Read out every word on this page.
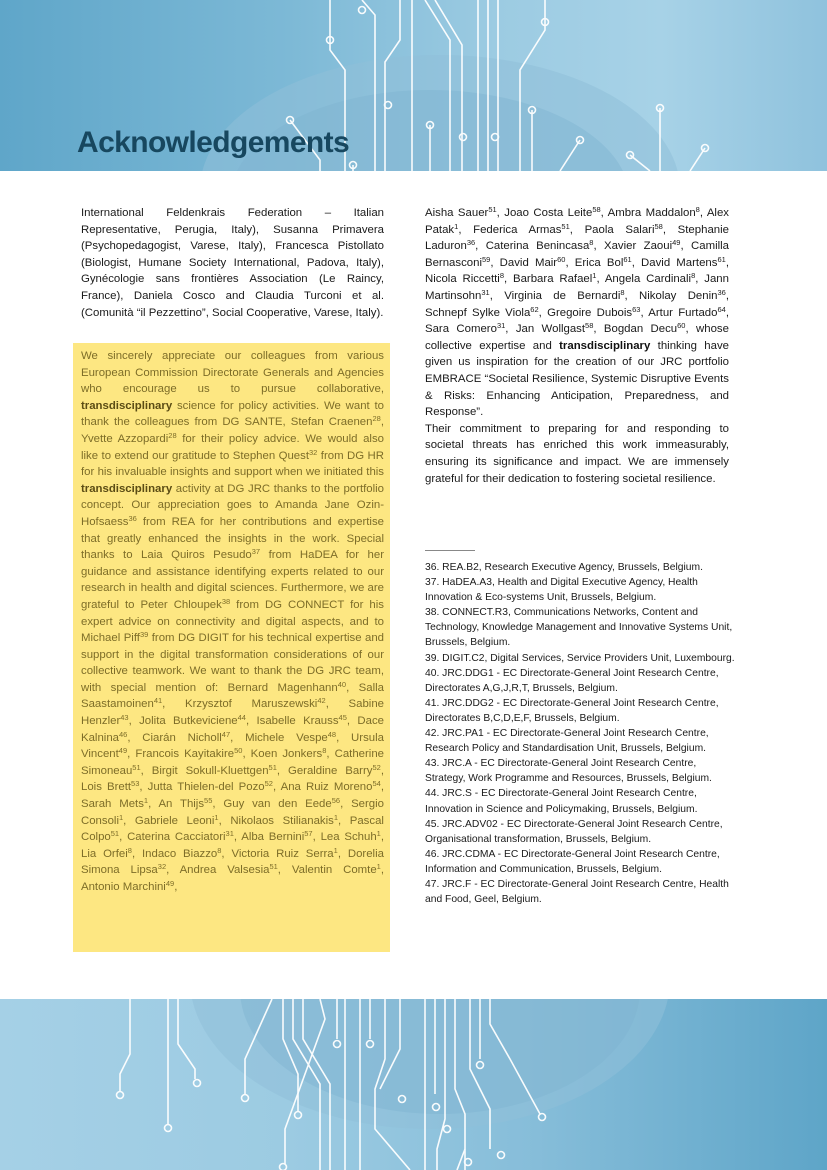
Acknowledgements

International Feldenkrais Federation – Italian Representative, Perugia, Italy), Susanna Primavera (Psychopedagogist, Varese, Italy), Francesca Pistollato (Biologist, Humane Society International, Padova, Italy), Gynécologie sans frontières Association (Le Raincy, France), Daniela Cosco and Claudia Turconi et al. (Comunità “il Pezzettino”, Social Cooperative, Varese, Italy).

We sincerely appreciate our colleagues from various European Commission Directorate Generals and Agencies who encourage us to pursue collaborative, transdisciplinary science for policy activities. We want to thank the colleagues from DG SANTE, Stefan Craenen$^{28}$, Yvette Azzopardi$^{28}$ for their policy advice. We would also like to extend our gratitude to Stephen Quest$^{32}$ from DG HR for his invaluable insights and support when we initiated this transdisciplinary activity at DG JRC thanks to the portfolio concept. Our appreciation goes to Amanda Jane Ozin-Hofsaess$^{36}$ from REA for her contributions and expertise that greatly enhanced the insights in the work. Special thanks to Laia Quiros Pesudo$^{37}$ from HaDEA for her guidance and assistance identifying experts related to our research in health and digital sciences. Furthermore, we are grateful to Peter Chloupek$^{38}$ from DG CONNECT for his expert advice on connectivity and digital aspects, and to Michael Piff$^{39}$ from DG DIGIT for his technical expertise and support in the digital transformation considerations of our collective teamwork. We want to thank the DG JRC team, with special mention of: Bernard Magenhann$^{40}$, Salla Saastamoinen$^{41}$, Krzysztof Maruszewski$^{42}$, Sabine Henzler$^{43}$, Jolita Butkeviciene$^{44}$, Isabelle Krauss$^{45}$, Dace Kalnina$^{46}$, Ciarán Nicholl$^{47}$, Michele Vespe$^{48}$, Ursula Vincent$^{49}$, Francois Kayitakire$^{50}$, Koen Jonkers$^8$, Catherine Simoneau$^{51}$, Birgit Sokull-Kluettgen$^{51}$, Geraldine Barry$^{52}$, Lois Brett$^{53}$, Jutta Thielen-del Pozo$^{52}$, Ana Ruiz Moreno$^{54}$, Sarah Mets$^1$, An Thijs$^{55}$, Guy van den Eede$^{56}$, Sergio Consoli$^1$, Gabriele Leoni$^1$, Nikolaos Stilianakis$^1$, Pascal Colpo$^{51}$, Caterina Cacciatori$^{31}$, Alba Bernini$^{57}$, Lea Schuh$^1$, Lia Orfei$^8$, Indaco Biazzo$^8$, Victoria Ruiz Serra$^1$, Dorelia Simona Lipsa$^{32}$, Andrea Valsesia$^{51}$, Valentin Comte$^1$, Antonio Marchini$^{49}$,

Aisha Sauer$^{51}$, Joao Costa Leite$^{58}$, Ambra Maddalon$^8$, Alex Patak$^1$, Federica Armas$^{51}$, Paola Salari$^{58}$, Stephanie Laduron$^{36}$, Caterina Benincasa$^8$, Xavier Zaoui$^{49}$, Camilla Bernasconi$^{59}$, David Mair$^{60}$, Erica Bol$^{61}$, David Martens$^{61}$, Nicola Riccetti$^8$, Barbara Rafael$^1$, Angela Cardinali$^8$, Jann Martinsohn$^{31}$, Virginia de Bernardi$^8$, Nikolay Denin$^{36}$, Schnepf Sylke Viola$^{62}$, Gregoire Dubois$^{63}$, Artur Furtado$^{64}$, Sara Comero$^{31}$, Jan Wollgast$^{58}$, Bogdan Decu$^{60}$, whose collective expertise and transdisciplinary thinking have given us inspiration for the creation of our JRC portfolio EMBRACE “Societal Resilience, Systemic Disruptive Events & Risks: Enhancing Anticipation, Preparedness, and Response”.

Their commitment to preparing for and responding to societal threats has enriched this work immeasurably, ensuring its significance and impact. We are immensely grateful for their dedication to fostering societal resilience.

36. REA.B2, Research Executive Agency, Brussels, Belgium.

37. HaDEA.A3, Health and Digital Executive Agency, Health Innovation & Eco-systems Unit, Brussels, Belgium.

38. CONNECT.R3, Communications Networks, Content and Technology, Knowledge Management and Innovative Systems Unit, Brussels, Belgium.

39. DIGIT.C2, Digital Services, Service Providers Unit, Luxembourg.

40. JRC.DDG1 - EC Directorate-General Joint Research Centre, Directorates A,G,J,R,T, Brussels, Belgium.

41. JRC.DDG2 - EC Directorate-General Joint Research Centre, Directorates B,C,D,E,F, Brussels, Belgium.

42. JRC.PA1 - EC Directorate-General Joint Research Centre, Research Policy and Standardisation Unit, Brussels, Belgium.

43. JRC.A - EC Directorate-General Joint Research Centre, Strategy, Work Programme and Resources, Brussels, Belgium.

44. JRC.S - EC Directorate-General Joint Research Centre, Innovation in Science and Policymaking, Brussels, Belgium.

45. JRC.ADV02 - EC Directorate-General Joint Research Centre, Organisational transformation, Brussels, Belgium.

46. JRC.CDMA - EC Directorate-General Joint Research Centre, Information and Communication, Brussels, Belgium.

47. JRC.F - EC Directorate-General Joint Research Centre, Health and Food, Geel, Belgium.
